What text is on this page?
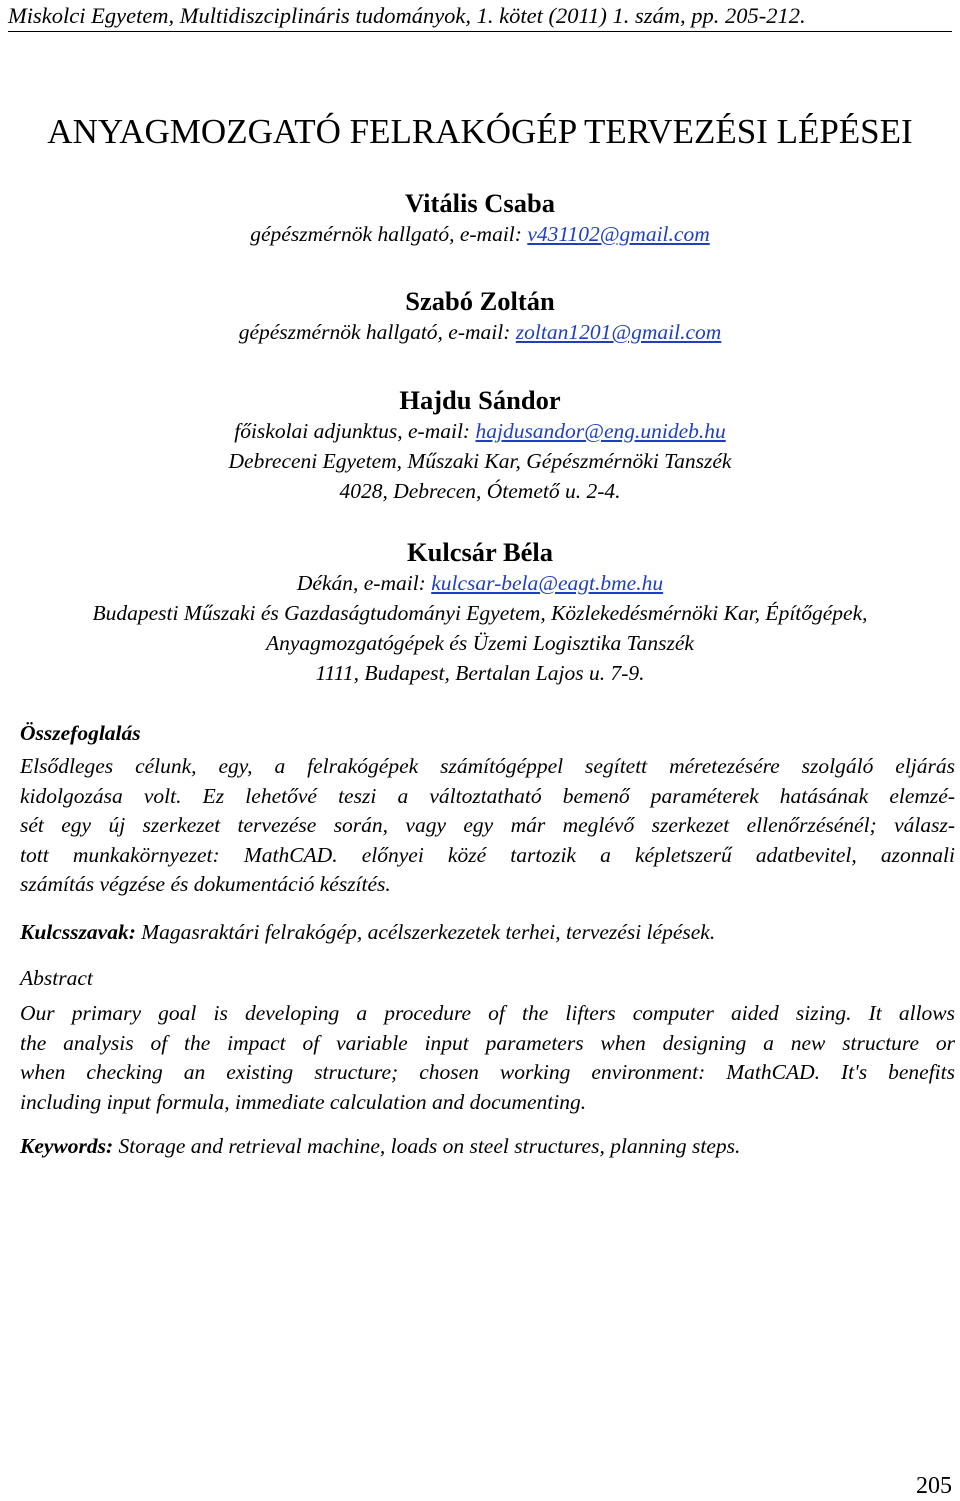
Miskolci Egyetem, Multidiszciplináris tudományok, 1. kötet (2011) 1. szám, pp. 205-212.
ANYAGMOZGATÓ FELRAKÓGÉP TERVEZÉSI LÉPÉSEI
Vitális Csaba
gépészmérnök hallgató, e-mail: v431102@gmail.com
Szabó Zoltán
gépészmérnök hallgató, e-mail: zoltan1201@gmail.com
Hajdu Sándor
főiskolai adjunktus, e-mail: hajdusandor@eng.unideb.hu
Debreceni Egyetem, Műszaki Kar, Gépészmérnöki Tanszék
4028, Debrecen, Ótemető u. 2-4.
Kulcsár Béla
Dékán, e-mail: kulcsar-bela@eagt.bme.hu
Budapesti Műszaki és Gazdaságtudományi Egyetem, Közlekedésmérnöki Kar, Építőgépek,
Anyagmozgatógépek és Üzemi Logisztika Tanszék
1111, Budapest, Bertalan Lajos u. 7-9.
Összefoglalás
Elsődleges célunk, egy, a felrakógépek számítógéppel segített méretezésére szolgáló eljárás
kidolgozása volt. Ez lehetővé teszi a változtatható bemenő paraméterek hatásának elemzé-
sét egy új szerkezet tervezése során, vagy egy már meglévő szerkezet ellenőrzésénél; válasz-
tott munkakörnyezet: MathCAD. előnyei közé tartozik a képletszerű adatbevitel, azonnali
számítás végzése és dokumentáció készítés.
Kulcsszavak: Magasraktári felrakógép, acélszerkezetek terhei, tervezési lépések.
Abstract
Our primary goal is developing a procedure of the lifters computer aided sizing. It allows
the analysis of the impact of variable input parameters when designing a new structure or
when checking an existing structure; chosen working environment: MathCAD. It's benefits
including input formula, immediate calculation and documenting.
Keywords: Storage and retrieval machine, loads on steel structures, planning steps.
205
